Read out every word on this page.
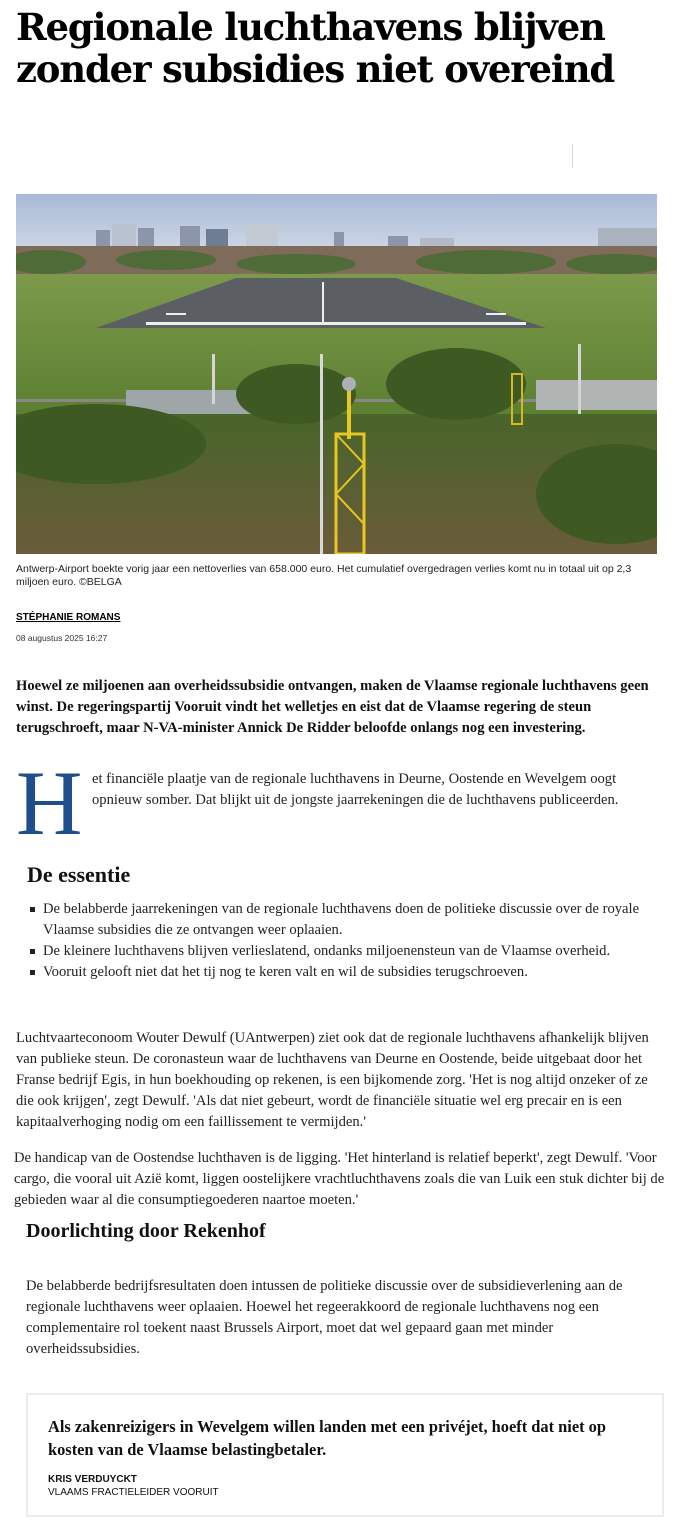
Regionale luchthavens blijven zonder subsidies niet overeind
Antwerp-Airport boekte vorig jaar een nettoverlies van 658.000 euro. Het cumulatief overgedragen verlies komt nu in totaal uit op 2,3 miljoen euro. ©BELGA
STÉPHANIE ROMANS
08 augustus 2025 16:27

Hoewel ze miljoenen aan overheidssubsidie ontvangen, maken de Vlaamse regionale luchthavens geen winst. De regeringspartij Vooruit vindt het welletjes en eist dat de Vlaamse regering de steun terugschroeft, maar N-VA-minister Annick De Ridder beloofde onlangs nog een investering.

H et financiële plaatje van de regionale luchthavens in Deurne, Oostende en Wevelgem oogt opnieuw somber. Dat blijkt uit de jongste jaarrekeningen die de luchthavens publiceerden.

De essentie
De belabberde jaarrekeningen van de regionale luchthavens doen de politieke discussie over de royale Vlaamse subsidies die ze ontvangen weer oplaaien.
De kleinere luchthavens blijven verlieslatend, ondanks miljoenensteun van de Vlaamse overheid.
Vooruit gelooft niet dat het tij nog te keren valt en wil de subsidies terugschroeven.

Luchtvaarteconoom Wouter Dewulf (UAntwerpen) ziet ook dat de regionale luchthavens afhankelijk blijven van publieke steun. De coronasteun waar de luchthavens van Deurne en Oostende, beide uitgebaat door het Franse bedrijf Egis, in hun boekhouding op rekenen, is een bijkomende zorg. 'Het is nog altijd onzeker of ze die ook krijgen', zegt Dewulf. 'Als dat niet gebeurt, wordt de financiële situatie wel erg precair en is een kapitaalverhoging nodig om een faillissement te vermijden.'

De handicap van de Oostendse luchthaven is de ligging. 'Het hinterland is relatief beperkt', zegt Dewulf. 'Voor cargo, die vooral uit Azië komt, liggen oostelijkere vrachtluchthavens zoals die van Luik een stuk dichter bij de gebieden waar al die consumptiegoederen naartoe moeten.'

Doorlichting door Rekenhof

De belabberde bedrijfsresultaten doen intussen de politieke discussie over de subsidieverlening aan de regionale luchthavens weer oplaaien. Hoewel het regeerakkoord de regionale luchthavens nog een complementaire rol toekent naast Brussels Airport, moet dat wel gepaard gaan met minder overheidssubsidies.

Als zakenreizigers in Wevelgem willen landen met een privéjet, hoeft dat niet op kosten van de Vlaamse belastingbetaler.

KRIS VERDUYCKT
VLAAMS FRACTIELEIDER VOORUIT
